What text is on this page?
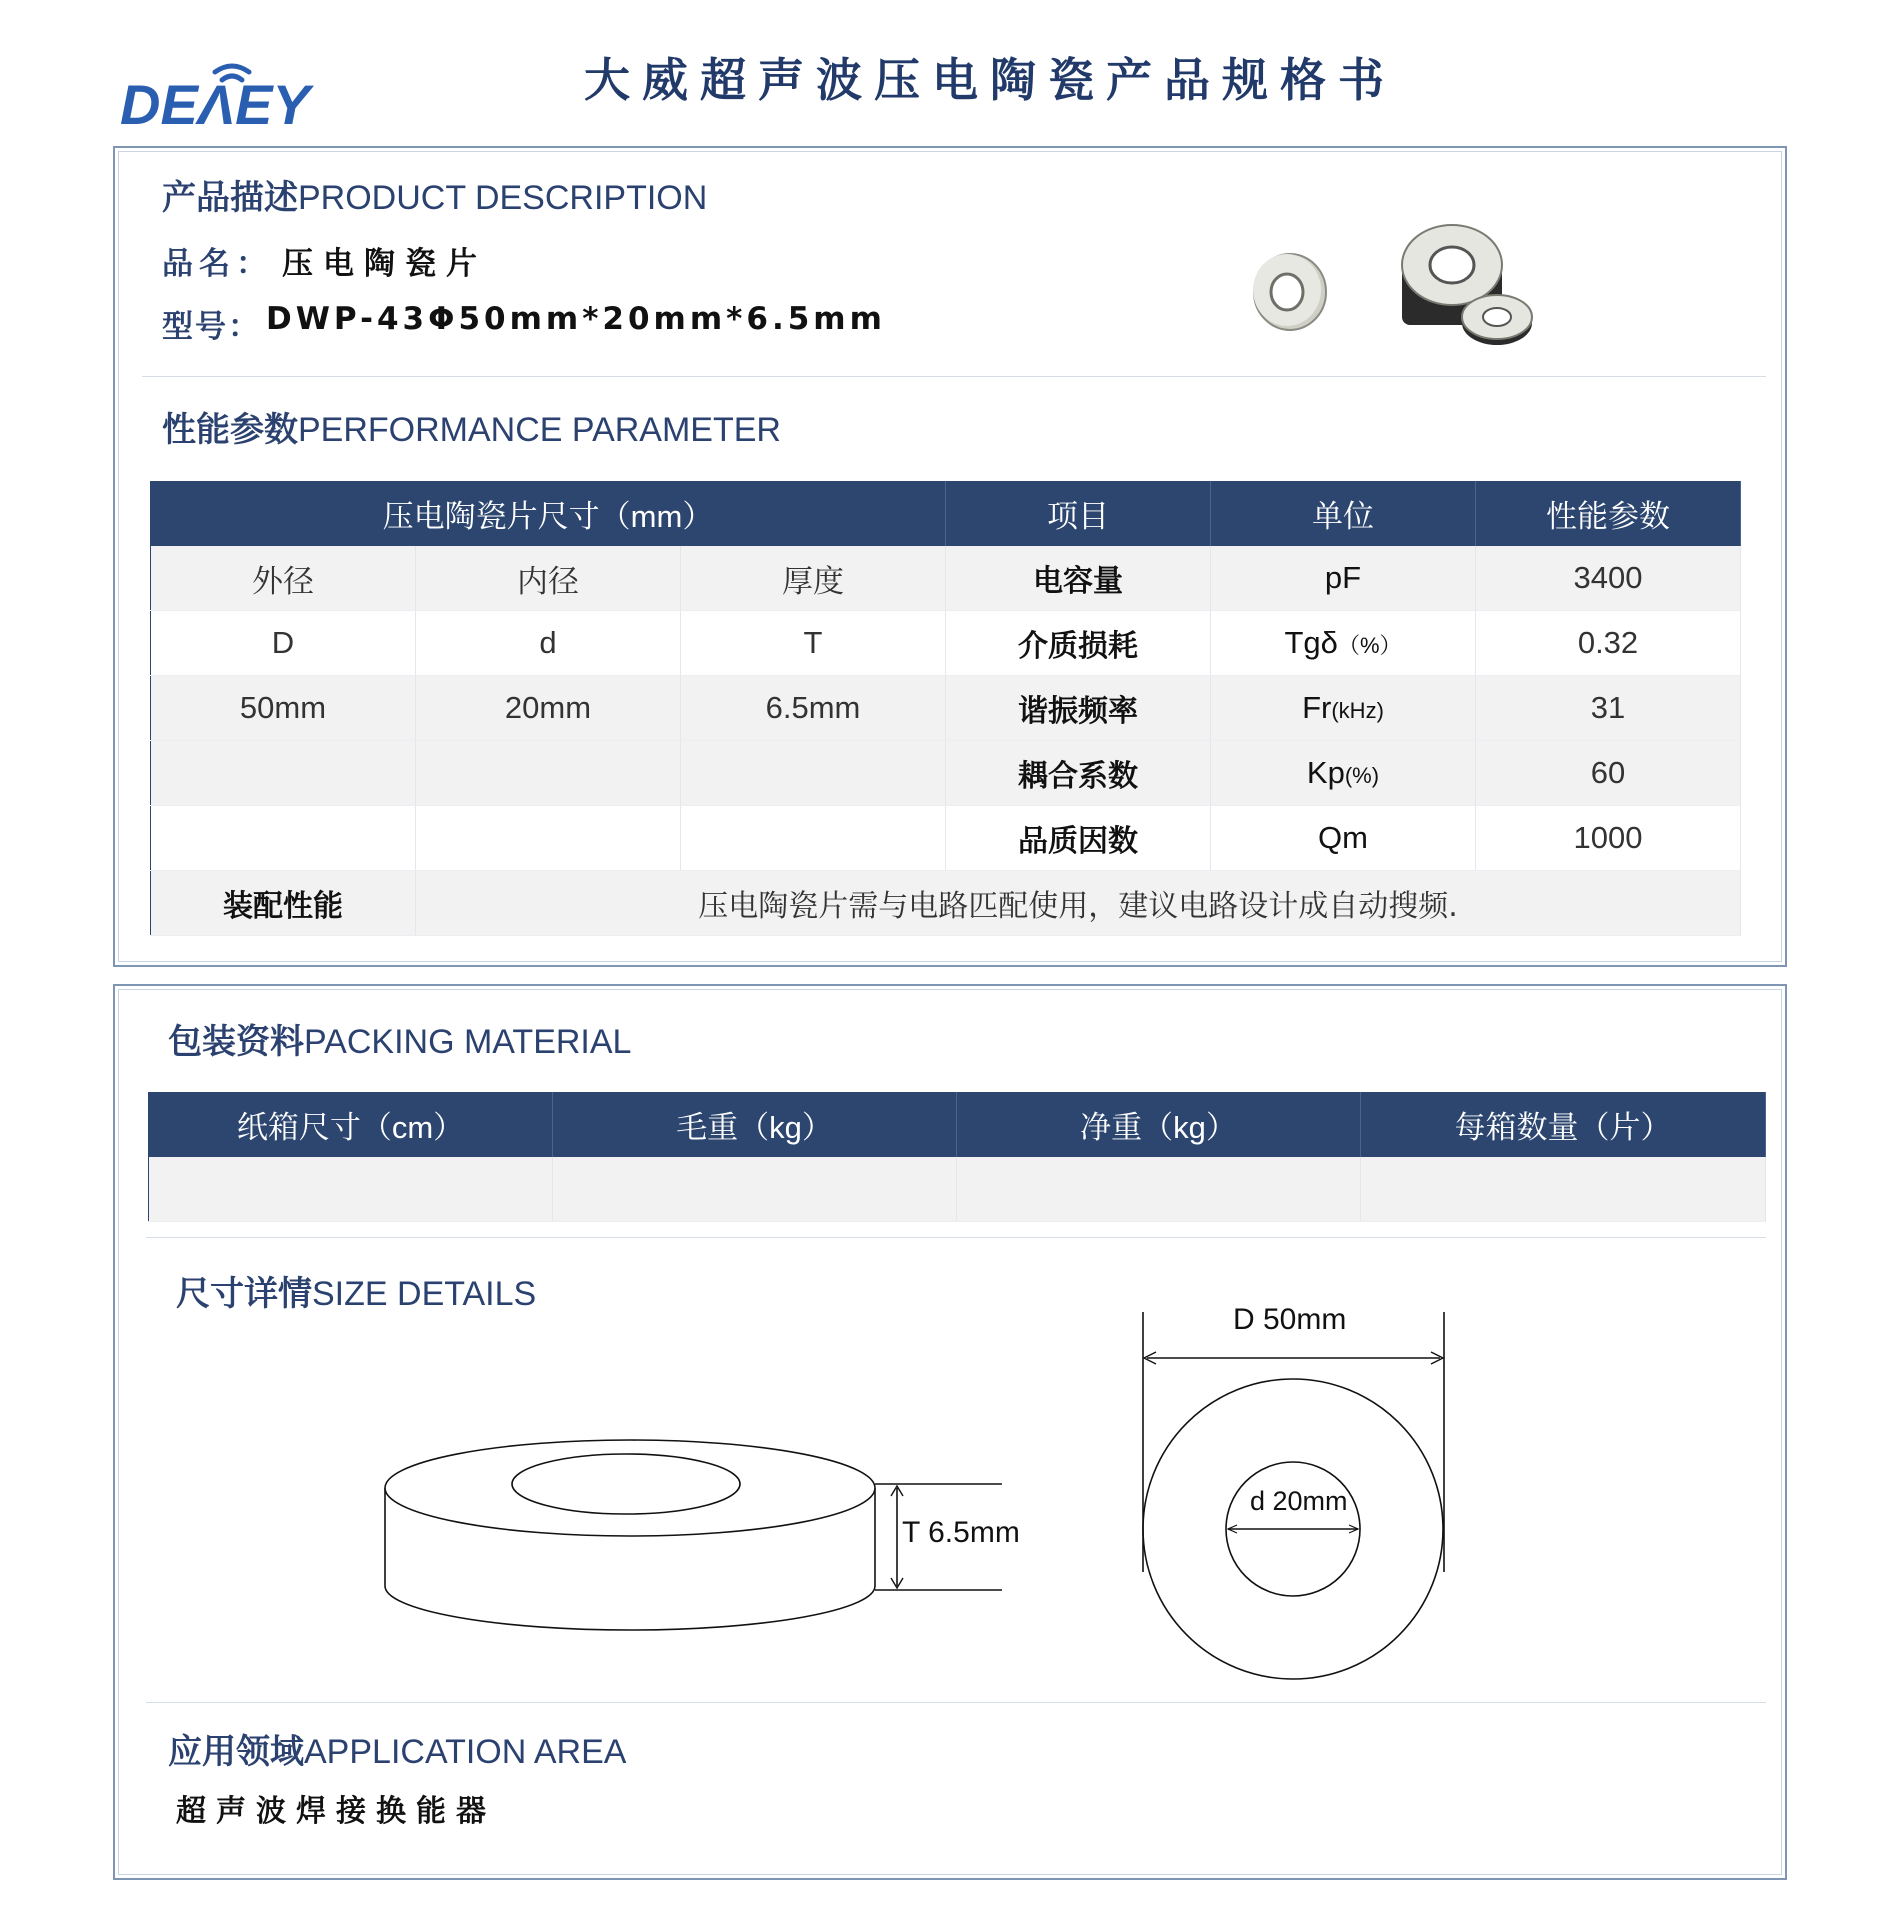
DEΛEY	大威超声波压电陶瓷产品规格书
产品描述PRODUCT DESCRIPTION
品名： 压电陶瓷片
型号： DWP-43Φ50mm*20mm*6.5mm
性能参数PERFORMANCE PARAMETER
压电陶瓷片尺寸（mm）			项目	单位	性能参数
外径	内径	厚度	电容量	pF	3400
D	d	T	介质损耗	Tgδ（%）	0.32
50mm	20mm	6.5mm	谐振频率	Fr(kHz)	31
			耦合系数	Kp(%)	60
			品质因数	Qm	1000
装配性能	压电陶瓷片需与电路匹配使用，建议电路设计成自动搜频.				
包装资料PACKING MATERIAL
纸箱尺寸（cm）	毛重（kg）	净重（kg）	每箱数量（片）

尺寸详情SIZE DETAILS
T 6.5mm
D 50mm
d 20mm
应用领域APPLICATION AREA
超声波焊接换能器
